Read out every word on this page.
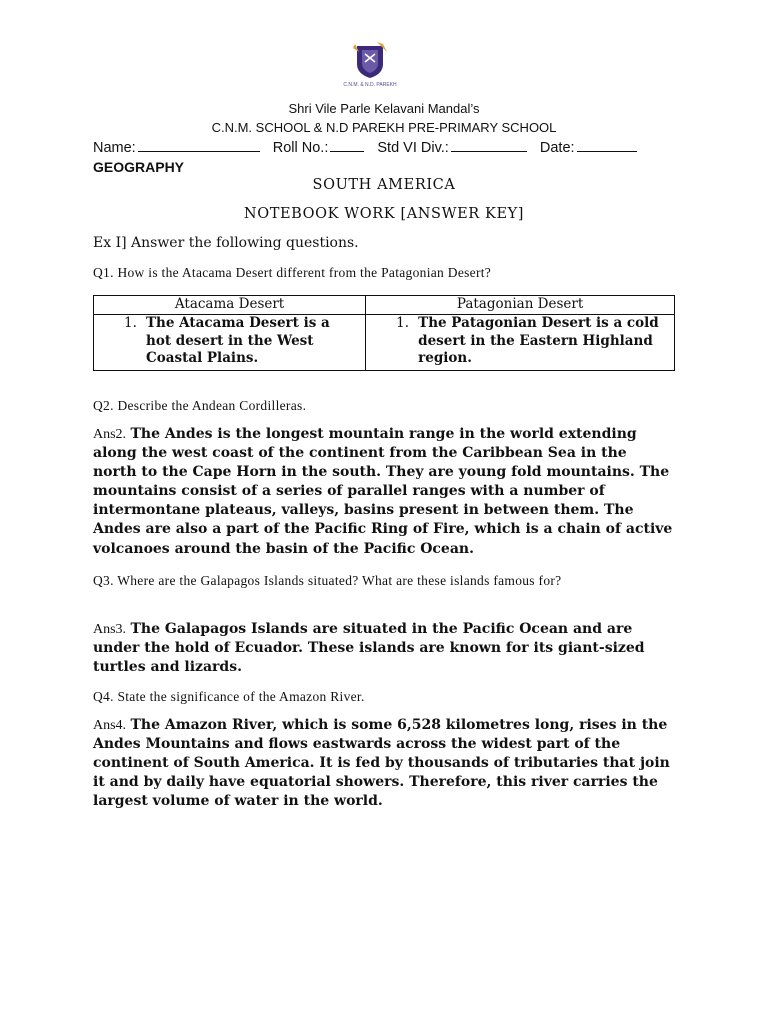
C.N.M. & N.D. PAREKH
Shri Vile Parle Kelavani Mandal’s
C.N.M. SCHOOL & N.D PAREKH PRE-PRIMARY SCHOOL
Name:	Roll No.:	Std VI Div.:	Date:
GEOGRAPHY
SOUTH AMERICA
NOTEBOOK WORK [ANSWER KEY]
Ex I] Answer the following questions.
Q1. How is the Atacama Desert different from the Patagonian Desert?
Atacama Desert	Patagonian Desert

1. The Atacama Desert is a hot desert in the West Coastal Plains.	1. The Patagonian Desert is a cold desert in the Eastern Highland region.
Q2. Describe the Andean Cordilleras.
Ans2. The Andes is the longest mountain range in the world extending along the west coast of the continent from the Caribbean Sea in the north to the Cape Horn in the south. They are young fold mountains. The mountains consist of a series of parallel ranges with a number of intermontane plateaus, valleys, basins present in between them. The Andes are also a part of the Pacific Ring of Fire, which is a chain of active volcanoes around the basin of the Pacific Ocean.
Q3. Where are the Galapagos Islands situated? What are these islands famous for?
Ans3. The Galapagos Islands are situated in the Pacific Ocean and are under the hold of Ecuador. These islands are known for its giant-sized turtles and lizards.
Q4. State the significance of the Amazon River.
Ans4. The Amazon River, which is some 6,528 kilometres long, rises in the Andes Mountains and flows eastwards across the widest part of the continent of South America. It is fed by thousands of tributaries that join it and by daily have equatorial showers. Therefore, this river carries the largest volume of water in the world.
